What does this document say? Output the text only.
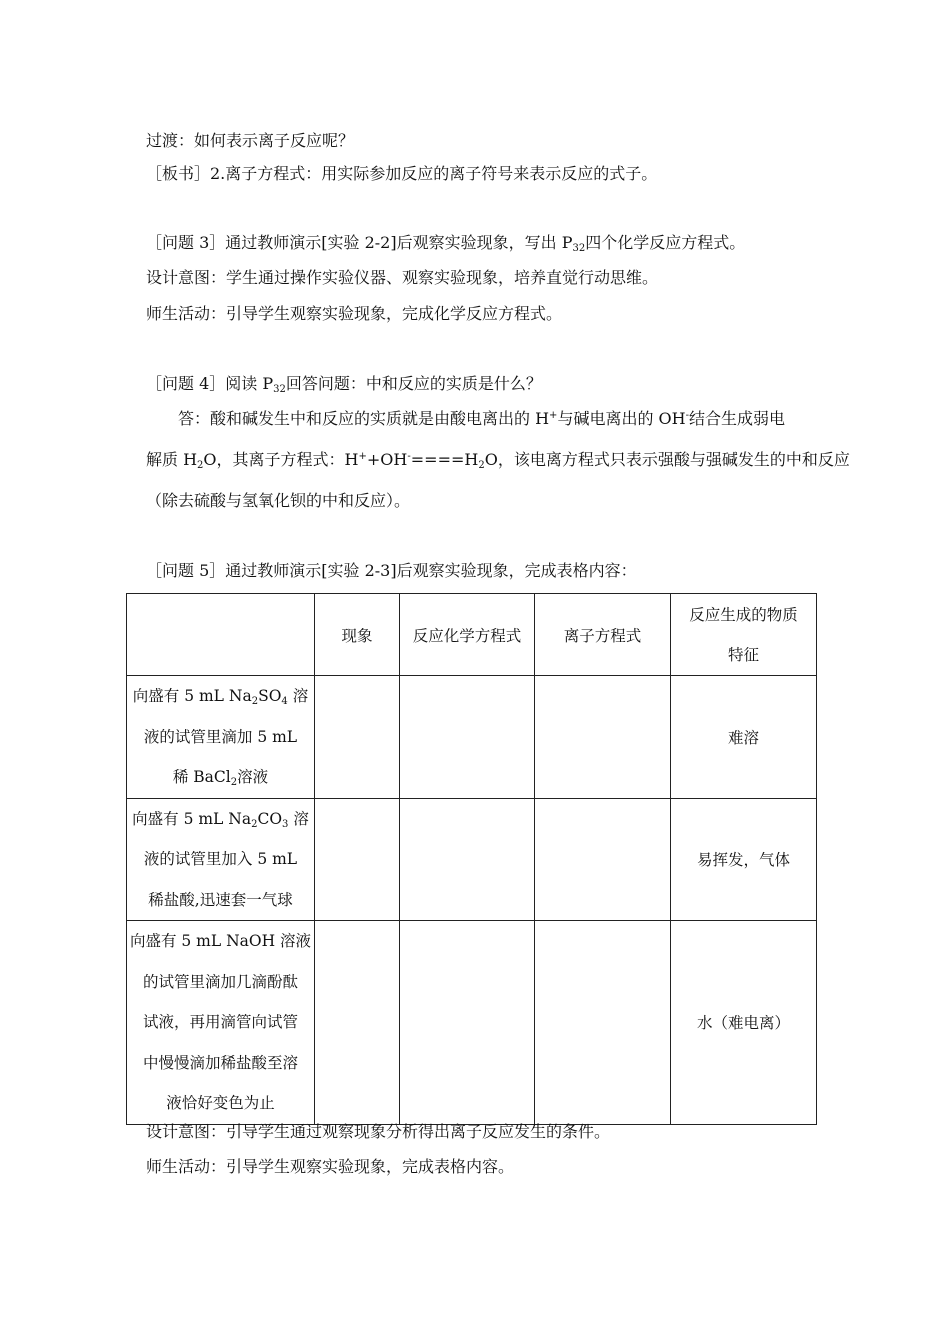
过渡：如何表示离子反应呢？
［板书］2.离子方程式：用实际参加反应的离子符号来表示反应的式子。
［问题 3］通过教师演示[实验 2-2]后观察实验现象，写出 $P_{32}$四个化学反应方程式。
设计意图：学生通过操作实验仪器、观察实验现象，培养直觉行动思维。
师生活动：引导学生观察实验现象，完成化学反应方程式。
［问题 4］阅读 $P_{32}$回答问题：中和反应的实质是什么？
答：酸和碱发生中和反应的实质就是由酸电离出的 H+与碱电离出的 OH-结合生成弱电
解质 $H_2O$，其离子方程式：$H^++OH^-====H_2O$，该电离方程式只表示强酸与强碱发生的中和反应
（除去硫酸与氢氧化钡的中和反应）。
［问题 5］通过教师演示[实验 2-3]后观察实验现象，完成表格内容：
	现象	反应化学方程式	离子方程式	反应生成的物质
特征

向盛有 5 mL $Na_2SO_4$ 溶
液的试管里滴加 5 mL
稀 BaCl$_2$溶液				难溶

向盛有 5 mL $Na_2CO_3$ 溶
液的试管里加入 5 mL
稀盐酸,迅速套一气球				易挥发，气体

向盛有 5 mL NaOH 溶液
的试管里滴加几滴酚酞
试液，再用滴管向试管
中慢慢滴加稀盐酸至溶
液恰好变色为止				水（难电离）
设计意图：引导学生通过观察现象分析得出离子反应发生的条件。
师生活动：引导学生观察实验现象，完成表格内容。
